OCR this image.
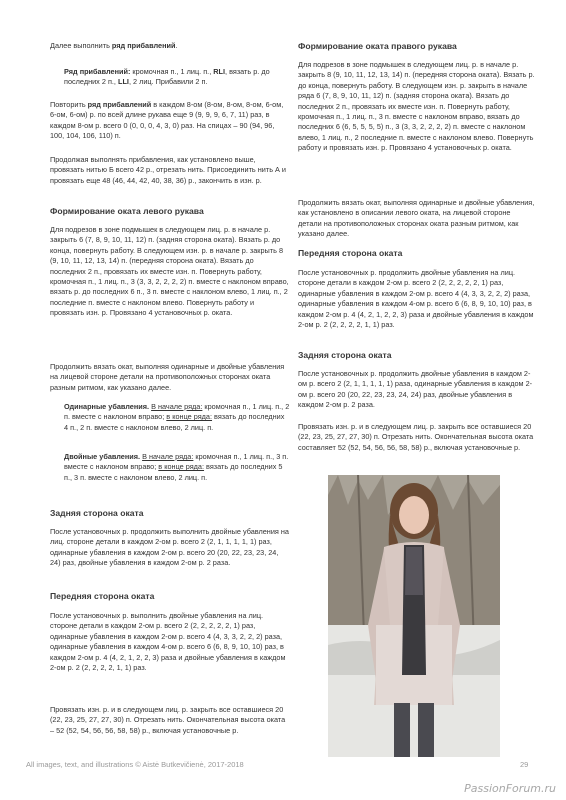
Далее выполнить ряд прибавлений.

Ряд прибавлений: кромочная п., 1 лиц. п., RLI, вязать р. до последних 2 п., LLI, 2 лиц. Прибавили 2 п.

Повторить ряд прибавлений в каждом 8-ом (8-ом, 8-ом, 8-ом, 6-ом, 6-ом, 6-ом) р. по всей длине рукава еще 9 (9, 9, 9, 6, 7, 11) раз, в каждом 8-ом р. всего 0 (0, 0, 0, 4, 3, 0) раз. На спицах – 90 (94, 96, 100, 104, 106, 110) п.

Продолжая выполнять прибавления, как установлено выше, провязать нитью Б всего 42 р., отрезать нить. Присоединить нить А и провязать еще 48 (46, 44, 42, 40, 38, 36) р., закончить в изн. р.

Формирование оката левого рукава

Для подрезов в зоне подмышек в следующем лиц. р. в начале р. закрыть 6 (7, 8, 9, 10, 11, 12) п. (задняя сторона оката). Вязать р. до конца, повернуть работу. В следующем изн. р. в начале р. закрыть 8 (9, 10, 11, 12, 13, 14) п. (передняя сторона оката). Вязать до последних 2 п., провязать их вместе изн. п. Повернуть работу, кромочная п., 1 лиц. п., 3 (3, 3, 2, 2, 2, 2) п. вместе с наклоном вправо, вязать р. до последних 6 п., 3 п. вместе с наклоном влево, 1 лиц. п., 2 последние п. вместе с наклоном влево. Повернуть работу и провязать изн. р. Провязано 4 установочных р. оката.

Продолжить вязать окат, выполняя одинарные и двойные убавления на лицевой стороне детали на противоположных сторонах оката разным ритмом, как указано далее.

Одинарные убавления. В начале ряда: кромочная п., 1 лиц. п., 2 п. вместе с наклоном вправо; в конце ряда: вязать до последних 4 п., 2 п. вместе с наклоном влево, 2 лиц. п.

Двойные убавления. В начале ряда: кромочная п., 1 лиц. п., 3 п. вместе с наклоном вправо; в конце ряда: вязать до последних 5 п., 3 п. вместе с наклоном влево, 2 лиц. п.

Задняя сторона оката

После установочных р. продолжить выполнить двойные убавления на лиц. стороне детали в каждом 2-ом р. всего 2 (2, 1, 1, 1, 1, 1) раз, одинарные убавления в каждом 2-ом р. всего 20 (20, 22, 23, 23, 24, 24) раз, двойные убавления в каждом 2-ом р. 2 раза.

Передняя сторона оката

После установочных р. выполнить двойные убавления на лиц. стороне детали в каждом 2-ом р. всего 2 (2, 2, 2, 2, 2, 1) раз, одинарные убавления в каждом 2-ом р. всего 4 (4, 3, 3, 2, 2, 2) раза, одинарные убавления в каждом 4-ом р. всего 6 (6, 8, 9, 10, 10) раз, в каждом 2-ом р. 4 (4, 2, 1, 2, 2, 3) раза и двойные убавления в каждом 2-ом р. 2 (2, 2, 2, 2, 1, 1) раз.

Провязать изн. р. и в следующем лиц. р. закрыть все оставшиеся 20 (22, 23, 25, 27, 27, 30) п. Отрезать нить. Окончательная высота оката – 52 (52, 54, 56, 56, 58, 58) р., включая установочные р.

Формирование оката правого рукава

Для подрезов в зоне подмышек в следующем лиц. р. в начале р. закрыть 8 (9, 10, 11, 12, 13, 14) п. (передняя сторона оката). Вязать р. до конца, повернуть работу. В следующем изн. р. закрыть в начале ряда 6 (7, 8, 9, 10, 11, 12) п. (задняя сторона оката). Вязать до последних 2 п., провязать их вместе изн. п. Повернуть работу, кромочная п., 1 лиц. п., 3 п. вместе с наклоном вправо, вязать до последних 6 (6, 5, 5, 5, 5) п., 3 (3, 3, 2, 2, 2, 2) п. вместе с наклоном влево, 1 лиц. п., 2 последние п. вместе с наклоном влево. Повернуть работу и провязать изн. р. Провязано 4 установочных р. оката.

Продолжить вязать окат, выполняя одинарные и двойные убавления, как установлено в описании левого оката, на лицевой стороне детали на противоположных сторонах оката разным ритмом, как указано далее.

Передняя сторона оката

После установочных р. продолжить двойные убавления на лиц. стороне детали в каждом 2-ом р. всего 2 (2, 2, 2, 2, 2, 1) раз, одинарные убавления в каждом 2-ом р. всего 4 (4, 3, 3, 2, 2, 2) раза, одинарные убавления в каждом 4-ом р. всего 6 (6, 8, 9, 10, 10) раз, в каждом 2-ом р. 4 (4, 2, 1, 2, 2, 3) раза и двойные убавления в каждом 2-ом р. 2 (2, 2, 2, 2, 1, 1) раз.

Задняя сторона оката

После установочных р. продолжить двойные убавления в каждом 2-ом р. всего 2 (2, 1, 1, 1, 1, 1) раза, одинарные убавления в каждом 2-ом р. всего 20 (20, 22, 23, 23, 24, 24) раз, двойные убавления в каждом 2-ом р. 2 раза.

Провязать изн. р. и в следующем лиц. р. закрыть все оставшиеся 20 (22, 23, 25, 27, 27, 30) п. Отрезать нить. Окончательная высота оката составляет 52 (52, 54, 56, 56, 58, 58) р., включая установочные р.

All images, text, and illustrations © Aistė Butkevičienė, 2017-2018	29
PassionForum.ru
